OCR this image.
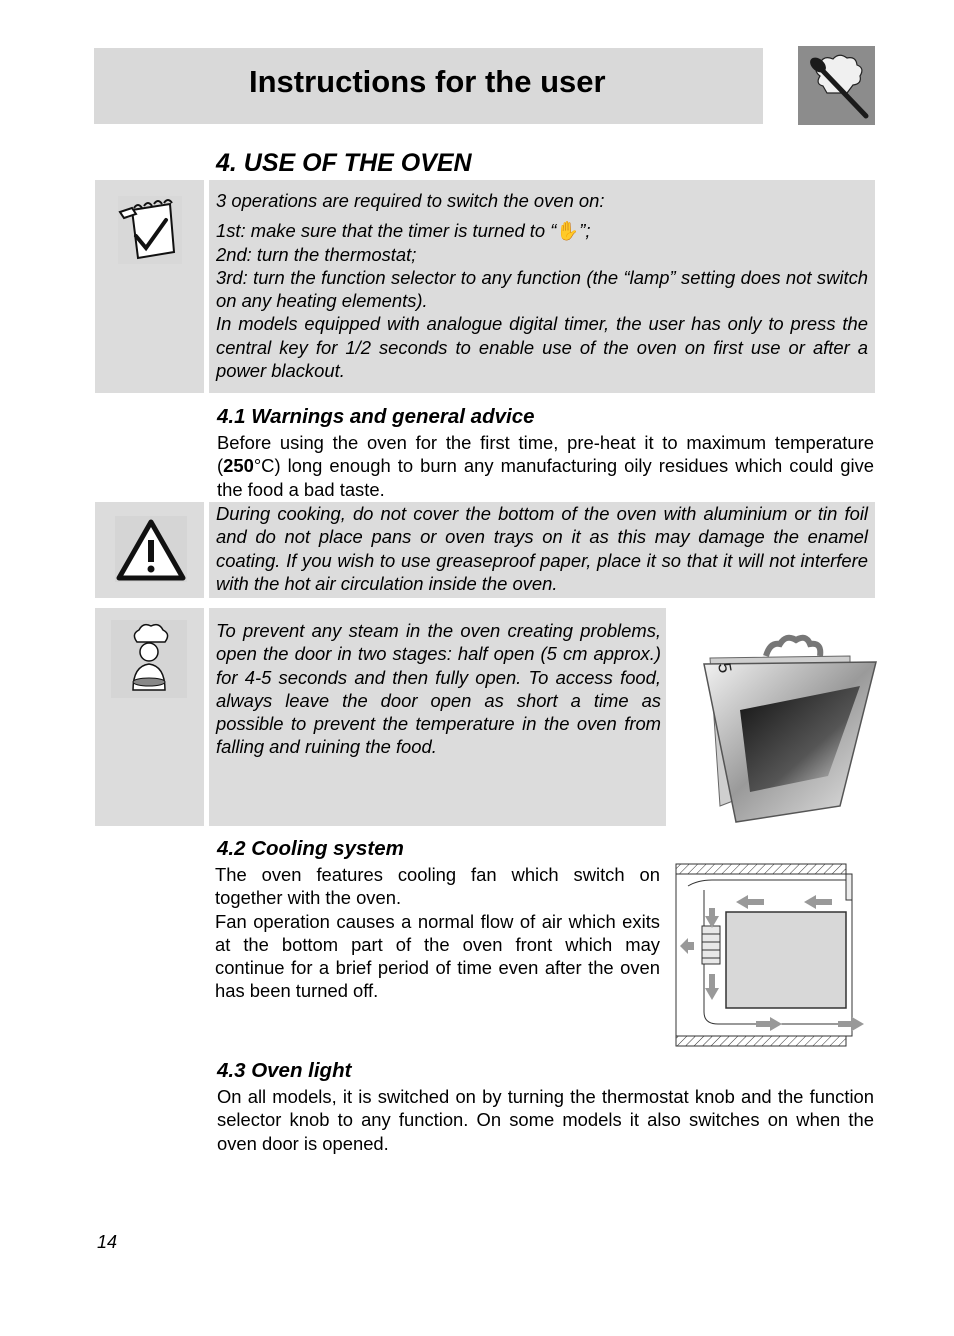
Instructions for the user
4. USE OF THE OVEN

3 operations are required to switch the oven on:

1st: make sure that the timer is turned to “✋”;

2nd: turn the thermostat;

3rd: turn the function selector to any function (the “lamp” setting does not switch on any heating elements).

In models equipped with analogue digital timer, the user has only to press the central key for 1/2 seconds to enable use of the oven on first use or after a power blackout.

4.1 Warnings and general advice

Before using the oven for the first time, pre-heat it to maximum temperature (250°C) long enough to burn any manufacturing oily residues which could give the food a bad taste.

During cooking, do not cover the bottom of the oven with aluminium or tin foil and do not place pans or oven trays on it as this may damage the enamel coating. If you wish to use greaseproof paper, place it so that it will not interfere with the hot air circulation inside the oven.
To prevent any steam in the oven creating problems, open the door in two stages: half open (5 cm approx.) for 4-5 seconds and then fully open. To access food, always leave the door open as short a time as possible to prevent the temperature in the oven from falling and ruining the food.
5
4.2 Cooling system

The oven features cooling fan which switch on together with the oven.

Fan operation causes a normal flow of air which exits at the bottom part of the oven front which may continue for a brief period of time even after the oven has been turned off.

4.3 Oven light
On all models, it is switched on by turning the thermostat knob and the function selector knob to any function. On some models it also switches on when the oven door is opened.
14
